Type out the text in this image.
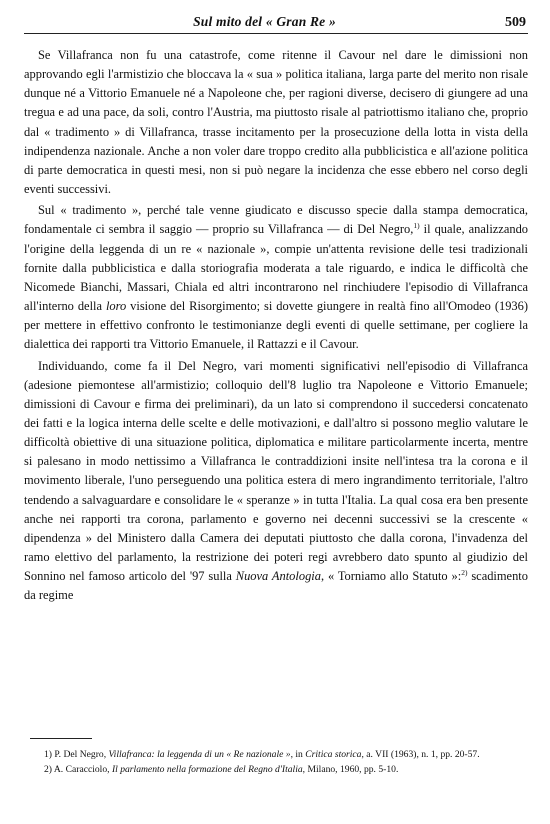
Sul mito del « Gran Re »	509

Se Villafranca non fu una catastrofe, come ritenne il Cavour nel dare le dimissioni non approvando egli l'armistizio che bloccava la « sua » politica italiana, larga parte del merito non risale dunque né a Vittorio Emanuele né a Napoleone che, per ragioni diverse, decisero di giungere ad una tregua e ad una pace, da soli, contro l'Austria, ma piuttosto risale al patriottismo italiano che, proprio dal « tradimento » di Villafranca, trasse incitamento per la prosecuzione della lotta in vista della indipendenza nazionale. Anche a non voler dare troppo credito alla pubblicistica e all'azione politica di parte democratica in questi mesi, non si può negare la incidenza che esse ebbero nel corso degli eventi successivi.

Sul « tradimento », perché tale venne giudicato e discusso specie dalla stampa democratica, fondamentale ci sembra il saggio — proprio su Villafranca — di Del Negro,$^{1)}$ il quale, analizzando l'origine della leggenda di un re « nazionale », compie un'attenta revisione delle tesi tradizionali fornite dalla pubblicistica e dalla storiografia moderata a tale riguardo, e indica le difficoltà che Nicomede Bianchi, Massari, Chiala ed altri incontrarono nel rinchiudere l'episodio di Villafranca all'interno della loro visione del Risorgimento; si dovette giungere in realtà fino all'Omodeo (1936) per mettere in effettivo confronto le testimonianze degli eventi di quelle settimane, per cogliere la dialettica dei rapporti tra Vittorio Emanuele, il Rattazzi e il Cavour.

Individuando, come fa il Del Negro, vari momenti significativi nell'episodio di Villafranca (adesione piemontese all'armistizio; colloquio dell'8 luglio tra Napoleone e Vittorio Emanuele; dimissioni di Cavour e firma dei preliminari), da un lato si comprendono il succedersi concatenato dei fatti e la logica interna delle scelte e delle motivazioni, e dall'altro si possono meglio valutare le difficoltà obiettive di una situazione politica, diplomatica e militare particolarmente incerta, mentre si palesano in modo nettissimo a Villafranca le contraddizioni insite nell'intesa tra la corona e il movimento liberale, l'uno perseguendo una politica estera di mero ingrandimento territoriale, l'altro tendendo a salvaguardare e consolidare le « speranze » in tutta l'Italia. La qual cosa era ben presente anche nei rapporti tra corona, parlamento e governo nei decenni successivi se la crescente « dipendenza » del Ministero dalla Camera dei deputati piuttosto che dalla corona, l'invadenza del ramo elettivo del parlamento, la restrizione dei poteri regi avrebbero dato spunto al giudizio del Sonnino nel famoso articolo del '97 sulla Nuova Antologia, « Torniamo allo Statuto »:$^{2)}$ scadimento da regime

1) P. Del Negro, Villafranca: la leggenda di un « Re nazionale », in Critica storica, a. VII (1963), n. 1, pp. 20-57.

2) A. Caracciolo, Il parlamento nella formazione del Regno d'Italia, Milano, 1960, pp. 5-10.
